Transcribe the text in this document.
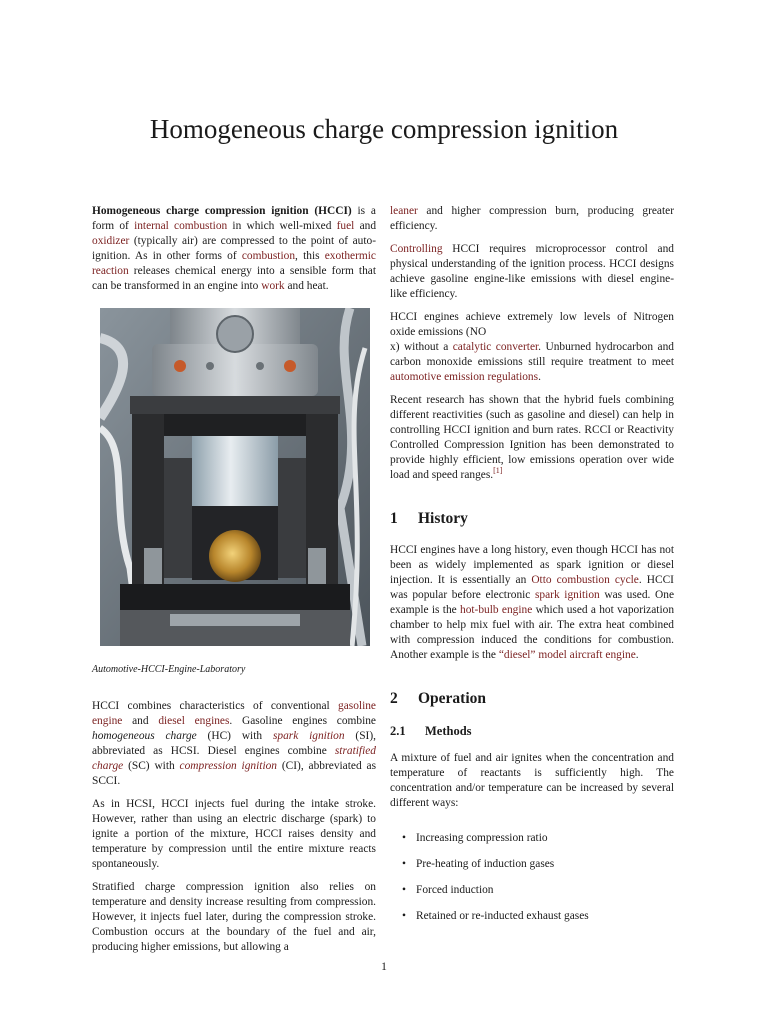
Homogeneous charge compression ignition

Homogeneous charge compression ignition (HCCI) is a form of internal combustion in which well-mixed fuel and oxidizer (typically air) are compressed to the point of auto-ignition. As in other forms of combustion, this exothermic reaction releases chemical energy into a sensible form that can be transformed in an engine into work and heat.

Automotive-HCCI-Engine-Laboratory

HCCI combines characteristics of conventional gasoline engine and diesel engines. Gasoline engines combine homogeneous charge (HC) with spark ignition (SI), abbreviated as HCSI. Diesel engines combine stratified charge (SC) with compression ignition (CI), abbreviated as SCCI.

As in HCSI, HCCI injects fuel during the intake stroke. However, rather than using an electric discharge (spark) to ignite a portion of the mixture, HCCI raises density and temperature by compression until the entire mixture reacts spontaneously.

Stratified charge compression ignition also relies on temperature and density increase resulting from compression. However, it injects fuel later, during the compression stroke. Combustion occurs at the boundary of the fuel and air, producing higher emissions, but allowing a

leaner and higher compression burn, producing greater efficiency.

Controlling HCCI requires microprocessor control and physical understanding of the ignition process. HCCI designs achieve gasoline engine-like emissions with diesel engine-like efficiency.

HCCI engines achieve extremely low levels of Nitrogen oxide emissions (NO
x) without a catalytic converter. Unburned hydrocarbon and carbon monoxide emissions still require treatment to meet automotive emission regulations.

Recent research has shown that the hybrid fuels combining different reactivities (such as gasoline and diesel) can help in controlling HCCI ignition and burn rates. RCCI or Reactivity Controlled Compression Ignition has been demonstrated to provide highly efficient, low emissions operation over wide load and speed ranges.[1]

1 History

HCCI engines have a long history, even though HCCI has not been as widely implemented as spark ignition or diesel injection. It is essentially an Otto combustion cycle. HCCI was popular before electronic spark ignition was used. One example is the hot-bulb engine which used a hot vaporization chamber to help mix fuel with air. The extra heat combined with compression induced the conditions for combustion. Another example is the “diesel” model aircraft engine.

2 Operation
2.1 Methods

A mixture of fuel and air ignites when the concentration and temperature of reactants is sufficiently high. The concentration and/or temperature can be increased by several different ways:

• Increasing compression ratio
• Pre-heating of induction gases
• Forced induction
• Retained or re-inducted exhaust gases
1
